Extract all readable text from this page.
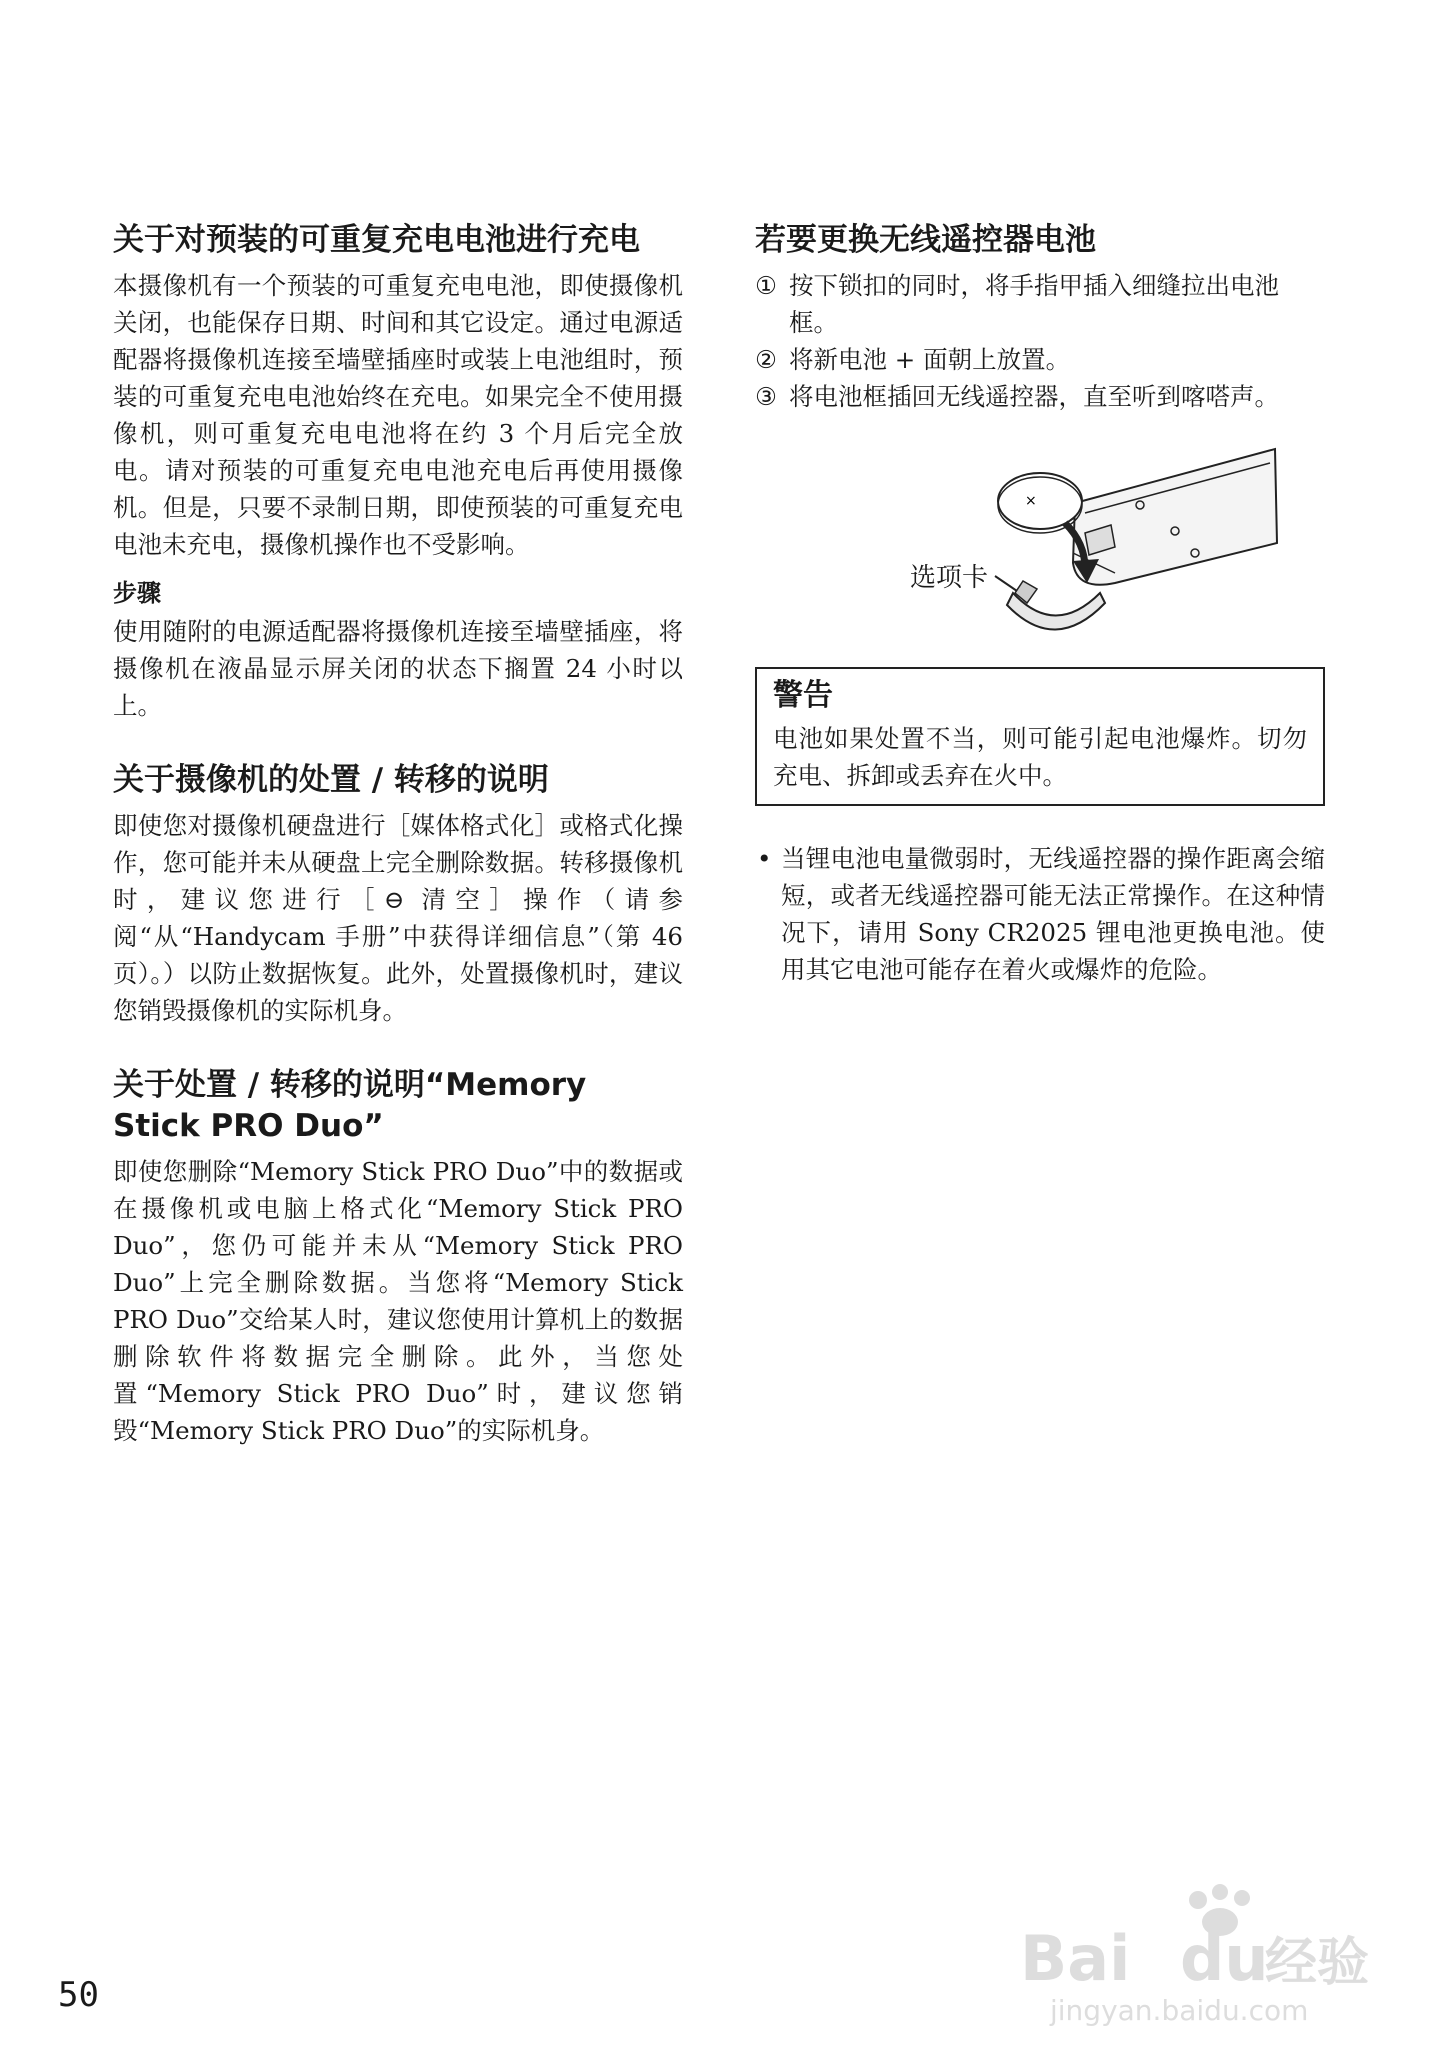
关于对预装的可重复充电电池进行充电

本摄像机有一个预装的可重复充电电池，即使摄像机关闭，也能保存日期、时间和其它设定。通过电源适配器将摄像机连接至墙壁插座时或装上电池组时，预装的可重复充电电池始终在充电。如果完全不使用摄像机，则可重复充电电池将在约 3 个月后完全放电。请对预装的可重复充电电池充电后再使用摄像机。但是，只要不录制日期，即使预装的可重复充电电池未充电，摄像机操作也不受影响。

步骤

使用随附的电源适配器将摄像机连接至墙壁插座，将摄像机在液晶显示屏关闭的状态下搁置 24 小时以上。

关于摄像机的处置 / 转移的说明

即使您对摄像机硬盘进行［媒体格式化］或格式化操作，您可能并未从硬盘上完全删除数据。转移摄像机时，建议您进行［⊖ 清空］操作（请参阅“从“Handycam 手册”中获得详细信息”（第 46 页）。）以防止数据恢复。此外，处置摄像机时，建议您销毁摄像机的实际机身。

关于处置 / 转移的说明“Memory Stick PRO Duo”

即使您删除“Memory Stick PRO Duo”中的数据或在摄像机或电脑上格式化“Memory Stick PRO Duo”，您仍可能并未从“Memory Stick PRO Duo”上完全删除数据。当您将“Memory Stick PRO Duo”交给某人时，建议您使用计算机上的数据删除软件将数据完全删除。此外，当您处置“Memory Stick PRO Duo”时，建议您销毁“Memory Stick PRO Duo”的实际机身。

若要更换无线遥控器电池
① 按下锁扣的同时，将手指甲插入细缝拉出电池框。
② 将新电池 + 面朝上放置。
③ 将电池框插回无线遥控器，直至听到喀嗒声。
×
选项卡
警告

电池如果处置不当，则可能引起电池爆炸。切勿充电、拆卸或丢弃在火中。

• 当锂电池电量微弱时，无线遥控器的操作距离会缩短，或者无线遥控器可能无法正常操作。在这种情况下，请用 Sony CR2025 锂电池更换电池。使用其它电池可能存在着火或爆炸的危险。

50	Bai du
经验
jingyan.baidu.com
